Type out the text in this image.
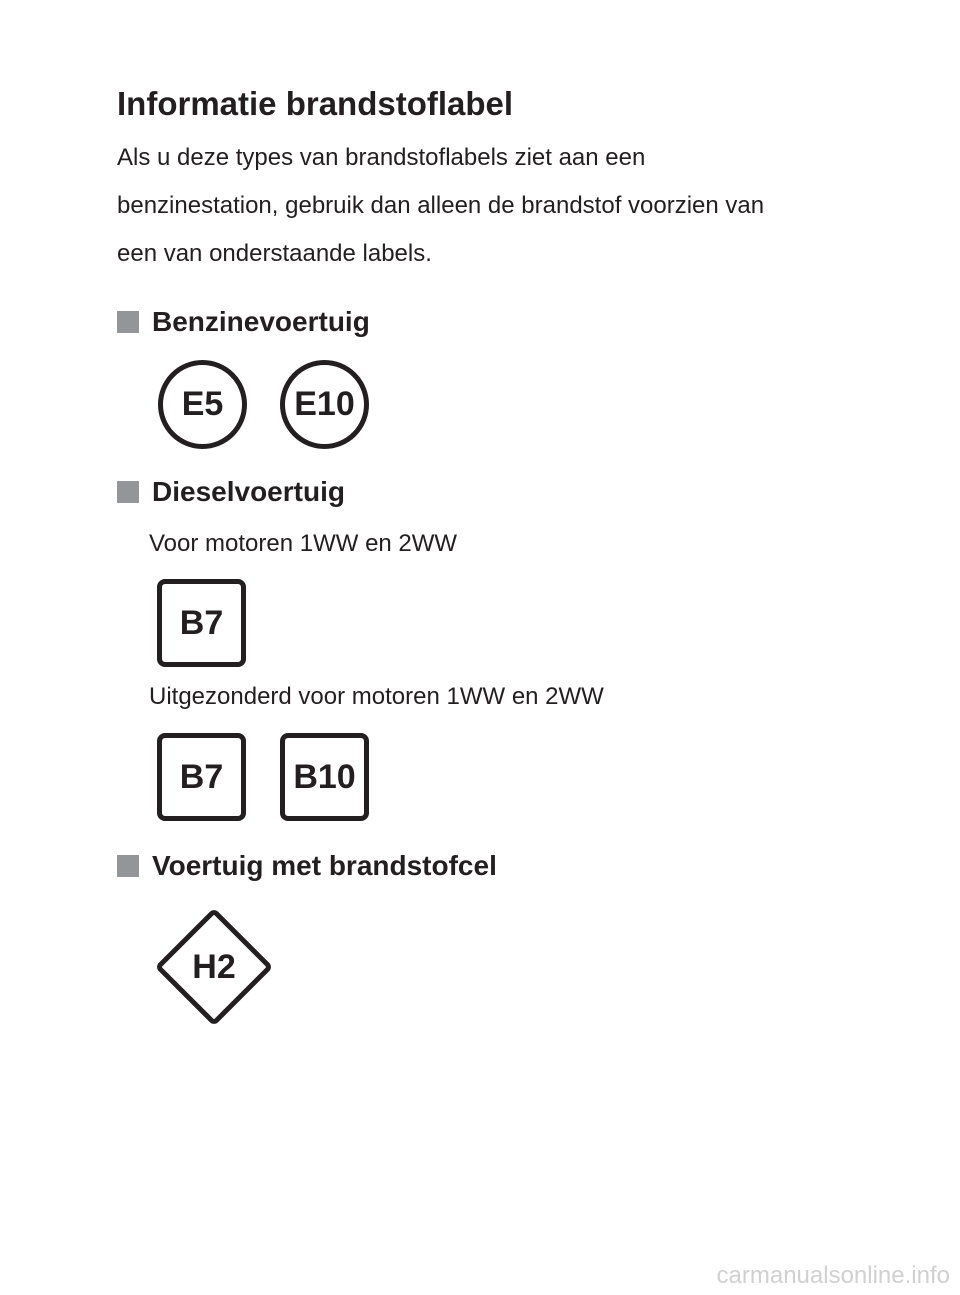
Informatie brandstoflabel
Als u deze types van brandstoflabels ziet aan een
benzinestation, gebruik dan alleen de brandstof voorzien van
een van onderstaande labels.
Benzinevoertuig
E5	E10
Dieselvoertuig
Voor motoren 1WW en 2WW
B7
Uitgezonderd voor motoren 1WW en 2WW
B7	B10
Voertuig met brandstofcel
H2
carmanualsonline.info
